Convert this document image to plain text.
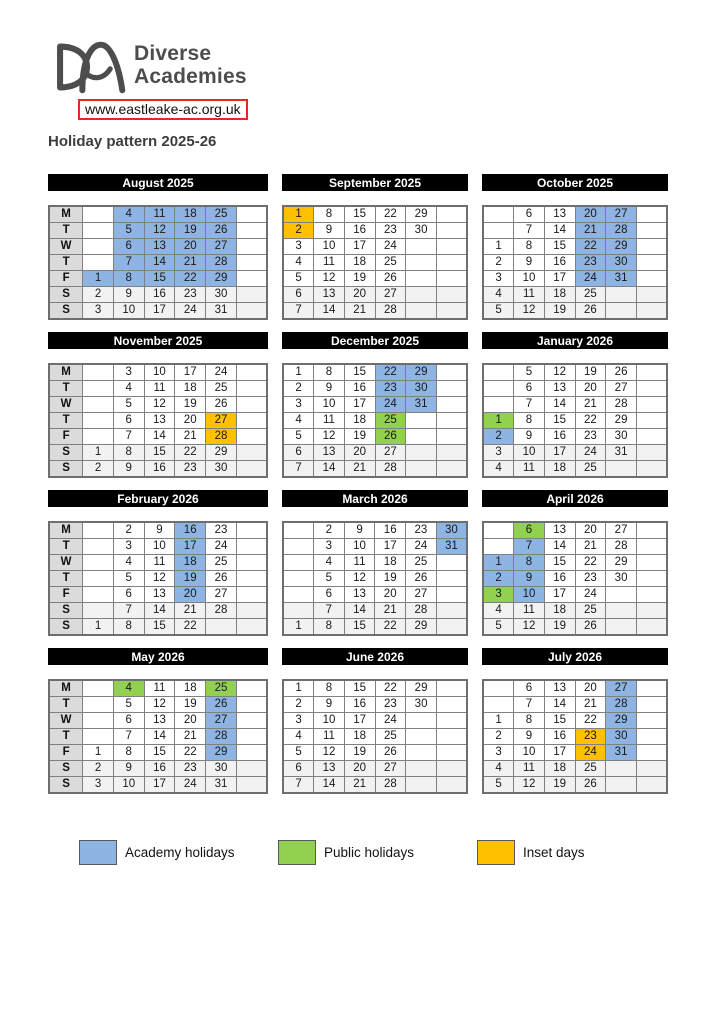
Diverse
Academies
www.eastleake-ac.org.uk
Holiday pattern 2025-26
August 2025
M		4	11	18	25	
T		5	12	19	26	
W		6	13	20	27	
T		7	14	21	28	
F	1	8	15	22	29	
S	2	9	16	23	30	
S	3	10	17	24	31	
September 2025
1	8	15	22	29	
2	9	16	23	30	
3	10	17	24		
4	11	18	25		
5	12	19	26		
6	13	20	27		
7	14	21	28		
October 2025
	6	13	20	27	
	7	14	21	28	
1	8	15	22	29	
2	9	16	23	30	
3	10	17	24	31	
4	11	18	25		
5	12	19	26		
November 2025
M		3	10	17	24	
T		4	11	18	25	
W		5	12	19	26	
T		6	13	20	27	
F		7	14	21	28	
S	1	8	15	22	29	
S	2	9	16	23	30	
December 2025
1	8	15	22	29	
2	9	16	23	30	
3	10	17	24	31	
4	11	18	25		
5	12	19	26		
6	13	20	27		
7	14	21	28		
January 2026
	5	12	19	26	
	6	13	20	27	
	7	14	21	28	
1	8	15	22	29	
2	9	16	23	30	
3	10	17	24	31	
4	11	18	25		
February 2026
M		2	9	16	23	
T		3	10	17	24	
W		4	11	18	25	
T		5	12	19	26	
F		6	13	20	27	
S		7	14	21	28	
S	1	8	15	22		
March 2026
	2	9	16	23	30
	3	10	17	24	31
	4	11	18	25	
	5	12	19	26	
	6	13	20	27	
	7	14	21	28	
1	8	15	22	29	
April 2026
	6	13	20	27	
	7	14	21	28	
1	8	15	22	29	
2	9	16	23	30	
3	10	17	24		
4	11	18	25		
5	12	19	26		
May 2026
M		4	11	18	25	
T		5	12	19	26	
W		6	13	20	27	
T		7	14	21	28	
F	1	8	15	22	29	
S	2	9	16	23	30	
S	3	10	17	24	31	
June 2026
1	8	15	22	29	
2	9	16	23	30	
3	10	17	24		
4	11	18	25		
5	12	19	26		
6	13	20	27		
7	14	21	28		
July 2026
	6	13	20	27	
	7	14	21	28	
1	8	15	22	29	
2	9	16	23	30	
3	10	17	24	31	
4	11	18	25		
5	12	19	26		
Academy holidays	Public holidays	Inset days
